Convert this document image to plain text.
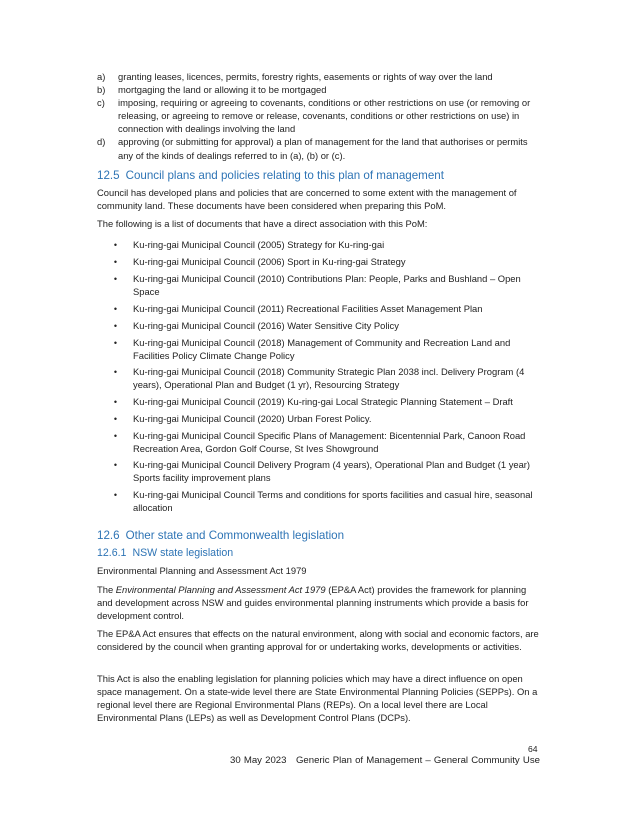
a)	granting leases, licences, permits, forestry rights, easements or rights of way over the land
b)	mortgaging the land or allowing it to be mortgaged
c)	imposing, requiring or agreeing to covenants, conditions or other restrictions on use (or removing or releasing, or agreeing to remove or release, covenants, conditions or other restrictions on use) in connection with dealings involving the land
d)	approving (or submitting for approval) a plan of management for the land that authorises or permits any of the kinds of dealings referred to in (a), (b) or (c).
12.5 Council plans and policies relating to this plan of management

Council has developed plans and policies that are concerned to some extent with the management of community land. These documents have been considered when preparing this PoM.

The following is a list of documents that have a direct association with this PoM:

•
Ku-ring-gai Municipal Council (2005) Strategy for Ku-ring-gai
•
Ku-ring-gai Municipal Council (2006) Sport in Ku-ring-gai Strategy
•
Ku-ring-gai Municipal Council (2010) Contributions Plan: People, Parks and Bushland – Open Space
•
Ku-ring-gai Municipal Council (2011) Recreational Facilities Asset Management Plan
•
Ku-ring-gai Municipal Council (2016) Water Sensitive City Policy
•
Ku-ring-gai Municipal Council (2018) Management of Community and Recreation Land and Facilities Policy Climate Change Policy
•
Ku-ring-gai Municipal Council (2018) Community Strategic Plan 2038 incl. Delivery Program (4 years), Operational Plan and Budget (1 yr), Resourcing Strategy
•
Ku-ring-gai Municipal Council (2019) Ku-ring-gai Local Strategic Planning Statement – Draft
•
Ku-ring-gai Municipal Council (2020) Urban Forest Policy.
•
Ku-ring-gai Municipal Council Specific Plans of Management: Bicentennial Park, Canoon Road Recreation Area, Gordon Golf Course, St Ives Showground
•
Ku-ring-gai Municipal Council Delivery Program (4 years), Operational Plan and Budget (1 year)     Sports facility improvement plans
•
Ku-ring-gai Municipal Council Terms and conditions for sports facilities and casual hire, seasonal allocation
12.6 Other state and Commonwealth legislation
12.6.1 NSW state legislation

Environmental Planning and Assessment Act 1979

The Environmental Planning and Assessment Act 1979 (EP&A Act) provides the framework for planning and development across NSW and guides environmental planning instruments which provide a basis for development control.

The EP&A Act ensures that effects on the natural environment, along with social and economic factors, are considered by the council when granting approval for or undertaking works, developments or activities.

This Act is also the enabling legislation for planning policies which may have a direct influence on open space management. On a state-wide level there are State Environmental Planning Policies (SEPPs). On a regional level there are Regional Environmental Plans (REPs). On a local level there are Local Environmental Plans (LEPs) as well as Development Control Plans (DCPs).

64
30 May 2023   Generic Plan of Management – General Community Use
